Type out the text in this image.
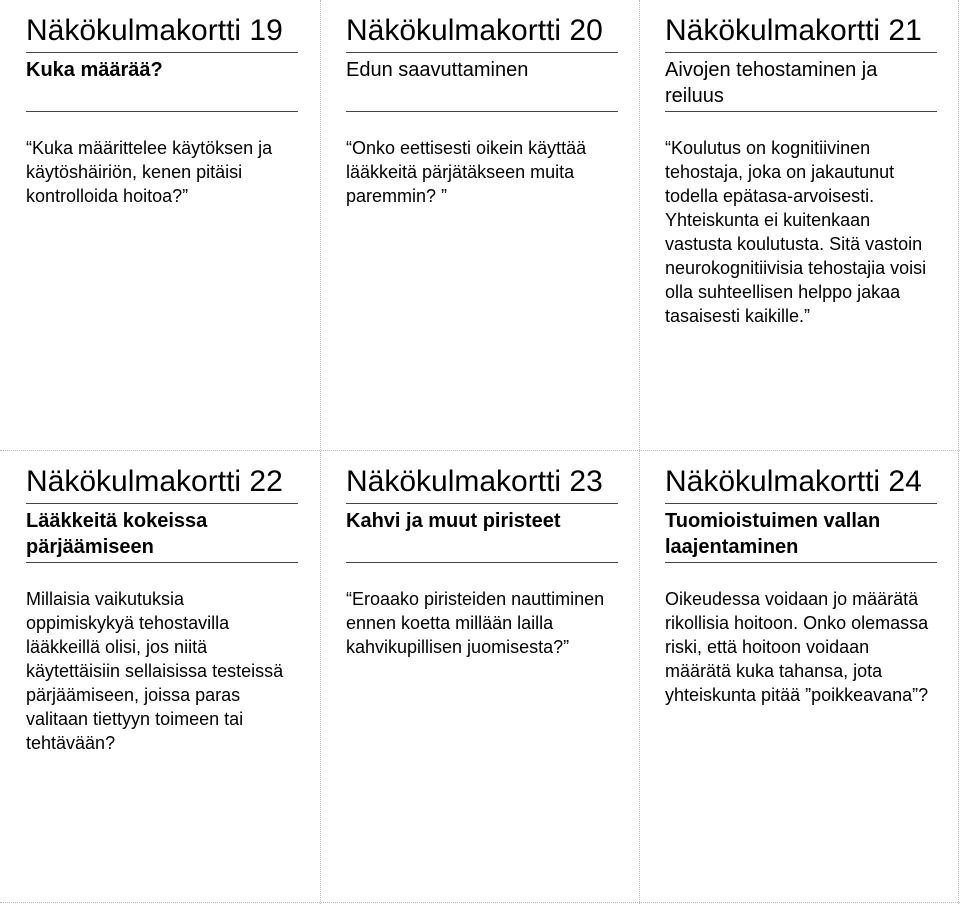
Näkökulmakortti 19
Kuka määrää?
“Kuka määrittelee käytöksen ja käytöshäiriön, kenen pitäisi kontrolloida hoitoa?”
Näkökulmakortti 20
Edun saavuttaminen
“Onko eettisesti oikein käyttää lääkkeitä pärjätäkseen muita paremmin? ”
Näkökulmakortti 21
Aivojen tehostaminen ja reiluus
“Koulutus on kognitiivinen tehostaja, joka on jakautunut todella epätasa-arvoisesti. Yhteiskunta ei kuitenkaan vastusta koulutusta. Sitä vastoin neurokognitiivisia tehostajia voisi olla suhteellisen helppo jakaa tasaisesti kaikille.”
Näkökulmakortti 22
Lääkkeitä kokeissa pärjäämiseen
Millaisia vaikutuksia oppimiskykyä tehostavilla lääkkeillä olisi, jos niitä käytettäisiin sellaisissa testeissä pärjäämiseen, joissa paras valitaan tiettyyn toimeen tai tehtävään?
Näkökulmakortti 23
Kahvi ja muut piristeet
“Eroaako piristeiden nauttiminen ennen koetta millään lailla kahvikupillisen juomisesta?”
Näkökulmakortti 24
Tuomioistuimen vallan laajentaminen
Oikeudessa voidaan jo määrätä rikollisia hoitoon. Onko olemassa riski, että hoitoon voidaan määrätä kuka tahansa, jota yhteiskunta pitää ”poikkeavana”?
